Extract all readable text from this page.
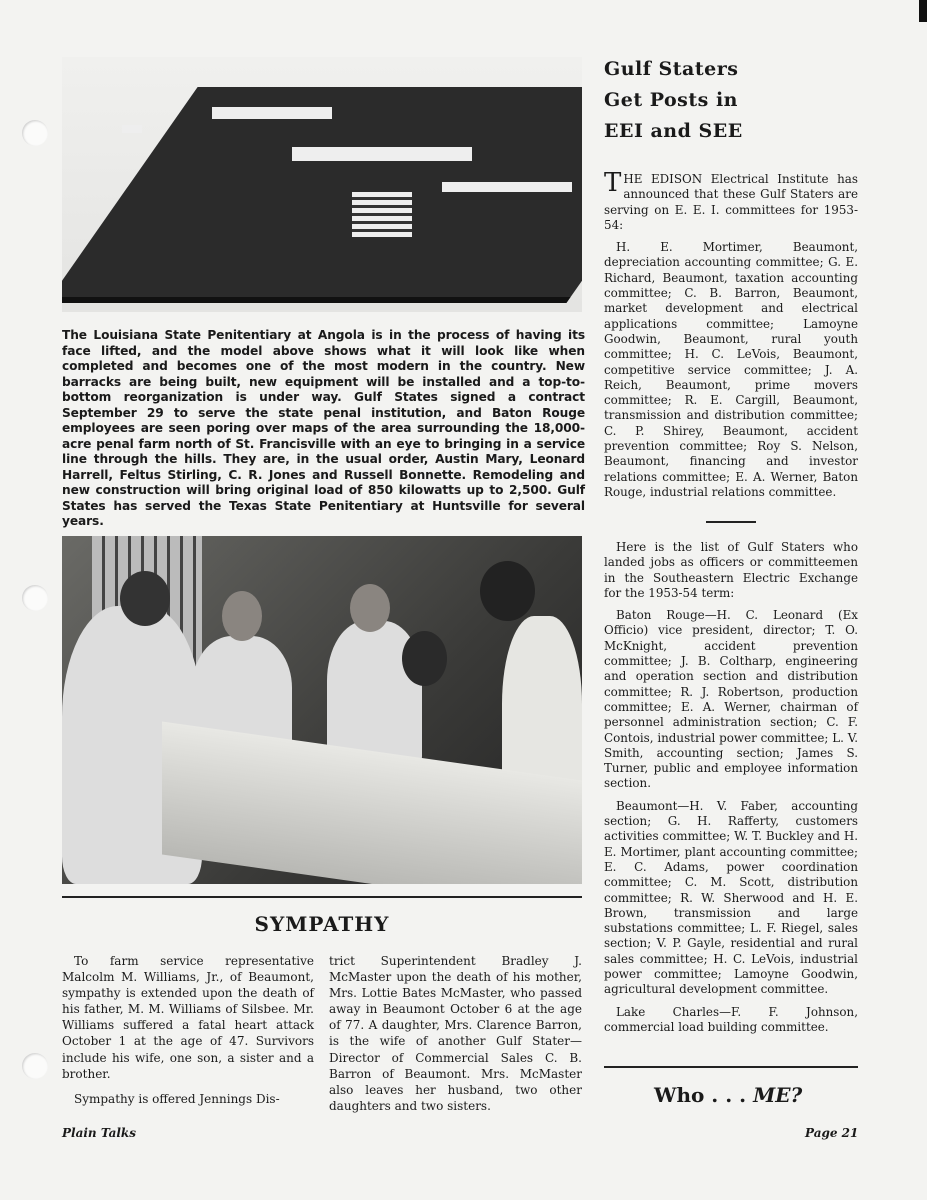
The Louisiana State Penitentiary at Angola is in the process of having its face lifted, and the model above shows what it will look like when completed and becomes one of the most modern in the country. New barracks are being built, new equipment will be installed and a top-to-bottom reorganization is under way. Gulf States signed a contract September 29 to serve the state penal institution, and Baton Rouge employees are seen poring over maps of the area surrounding the 18,000-acre penal farm north of St. Francisville with an eye to bringing in a service line through the hills. They are, in the usual order, Austin Mary, Leonard Harrell, Feltus Stirling, C. R. Jones and Russell Bonnette. Remodeling and new construction will bring original load of 850 kilowatts up to 2,500. Gulf States has served the Texas State Penitentiary at Huntsville for several years.
SYMPATHY

To farm service representative Malcolm M. Williams, Jr., of Beaumont, sympathy is extended upon the death of his father, M. M. Williams of Silsbee. Mr. Williams suffered a fatal heart attack October 1 at the age of 47. Survivors include his wife, one son, a sister and a brother.

Sympathy is offered Jennings Dis-

trict Superintendent Bradley J. McMaster upon the death of his mother, Mrs. Lottie Bates McMaster, who passed away in Beaumont October 6 at the age of 77. A daughter, Mrs. Clarence Barron, is the wife of another Gulf Stater—Director of Commercial Sales C. B. Barron of Beaumont. Mrs. McMaster also leaves her husband, two other daughters and two sisters.

Gulf Staters
Get Posts in
EEI and SEE

THE EDISON Electrical Institute has announced that these Gulf Staters are serving on E. E. I. committees for 1953-54:

H. E. Mortimer, Beaumont, depreciation accounting committee; G. E. Richard, Beaumont, taxation accounting committee; C. B. Barron, Beaumont, market development and electrical applications committee; Lamoyne Goodwin, Beaumont, rural youth committee; H. C. LeVois, Beaumont, competitive service committee; J. A. Reich, Beaumont, prime movers committee; R. E. Cargill, Beaumont, transmission and distribution committee; C. P. Shirey, Beaumont, accident prevention committee; Roy S. Nelson, Beaumont, financing and investor relations committee; E. A. Werner, Baton Rouge, industrial relations committee.

Here is the list of Gulf Staters who landed jobs as officers or committeemen in the Southeastern Electric Exchange for the 1953-54 term:

Baton Rouge—H. C. Leonard (Ex Officio) vice president, director; T. O. McKnight, accident prevention committee; J. B. Coltharp, engineering and operation section and distribution committee; R. J. Robertson, production committee; E. A. Werner, chairman of personnel administration section; C. F. Contois, industrial power committee; L. V. Smith, accounting section; James S. Turner, public and employee information section.

Beaumont—H. V. Faber, accounting section; G. H. Rafferty, customers activities committee; W. T. Buckley and H. E. Mortimer, plant accounting committee; E. C. Adams, power coordination committee; C. M. Scott, distribution committee; R. W. Sherwood and H. E. Brown, transmission and large substations committee; L. F. Riegel, sales section; V. P. Gayle, residential and rural sales committee; H. C. LeVois, industrial power committee; Lamoyne Goodwin, agricultural development committee.

Lake Charles—F. F. Johnson, commercial load building committee.

Who . . . ME?
Plain Talks	Page 21
